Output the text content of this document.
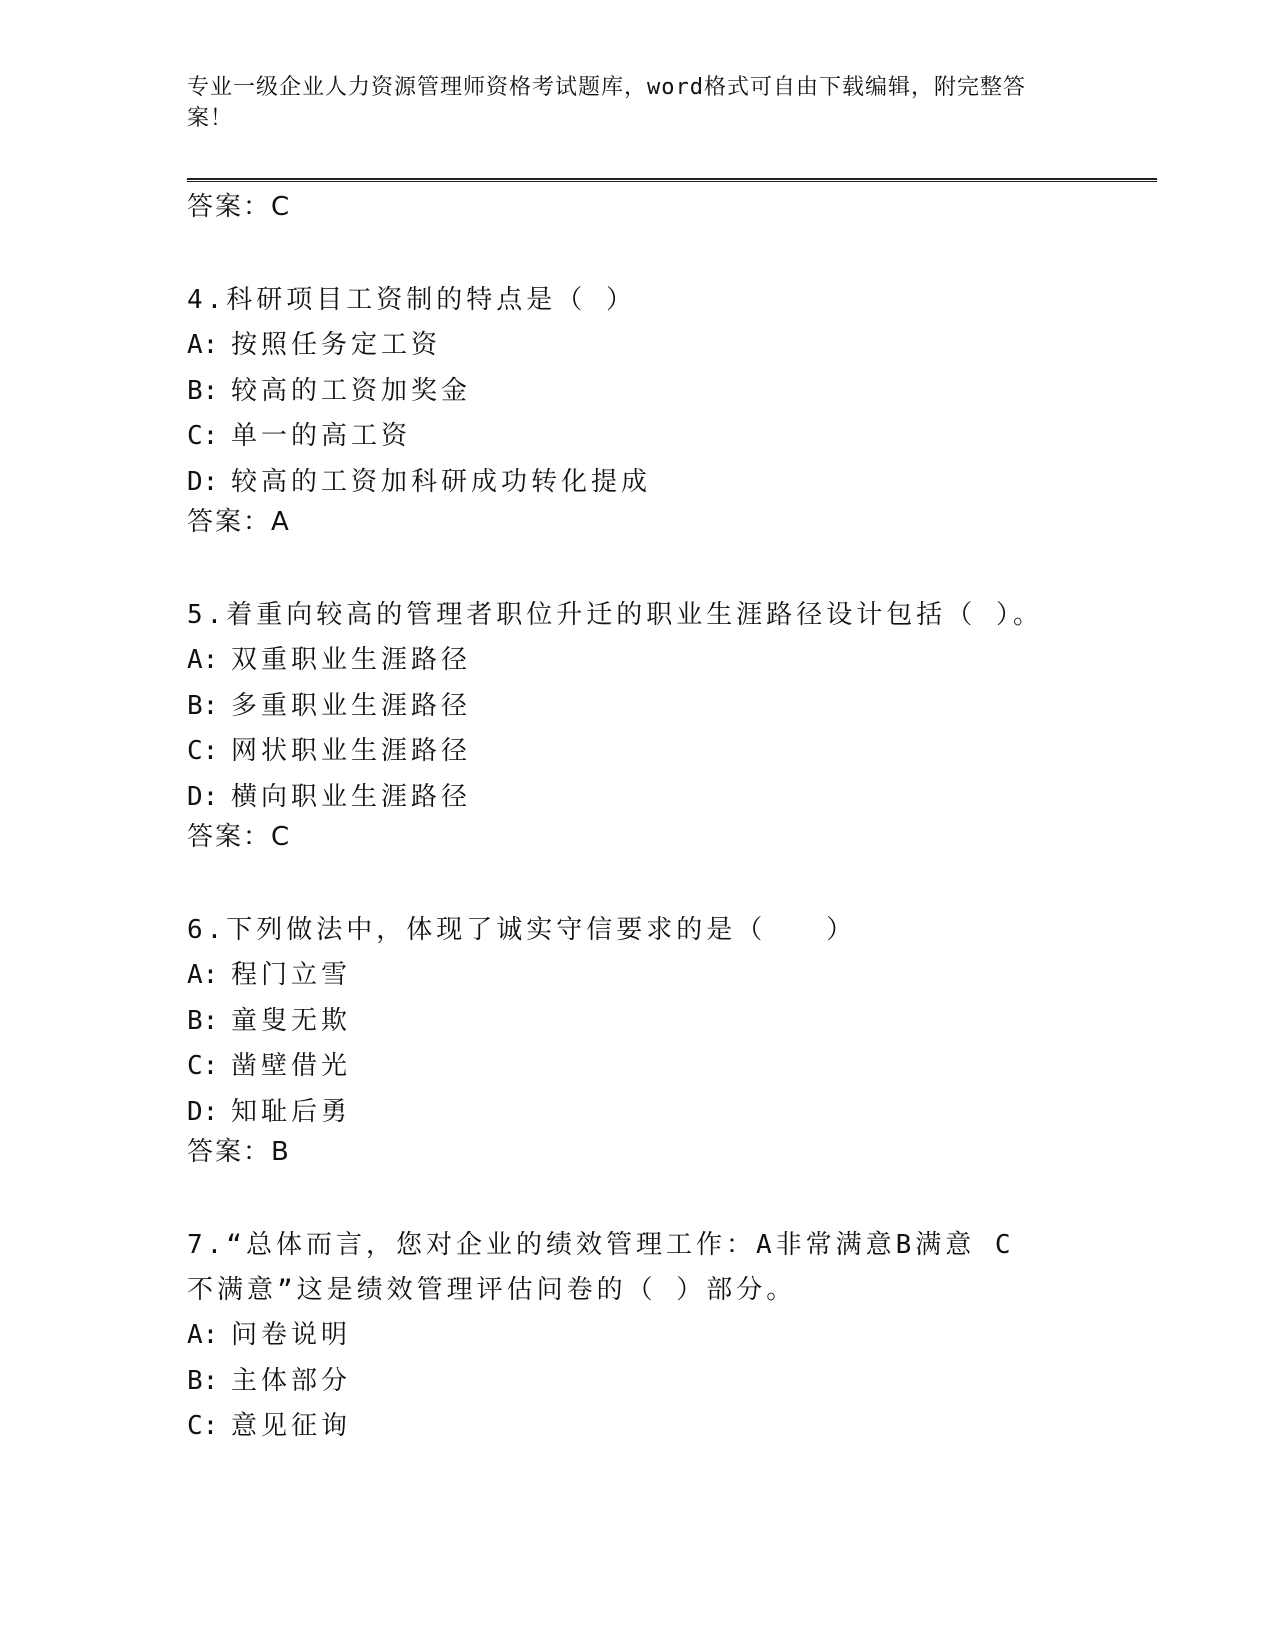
专业一级企业人力资源管理师资格考试题库，word格式可自由下载编辑，附完整答案！
答案：C
4.科研项目工资制的特点是（ ）
A: 按照任务定工资
B: 较高的工资加奖金
C: 单一的高工资
D: 较高的工资加科研成功转化提成
答案：A
5.着重向较高的管理者职位升迁的职业生涯路径设计包括（ ）。
A: 双重职业生涯路径
B: 多重职业生涯路径
C: 网状职业生涯路径
D: 横向职业生涯路径
答案：C
6.下列做法中，体现了诚实守信要求的是（　　）
A: 程门立雪
B: 童叟无欺
C: 凿壁借光
D: 知耻后勇
答案：B
7.“总体而言，您对企业的绩效管理工作：A非常满意B满意 C不满意”这是绩效管理评估问卷的（ ）部分。
A: 问卷说明
B: 主体部分
C: 意见征询
